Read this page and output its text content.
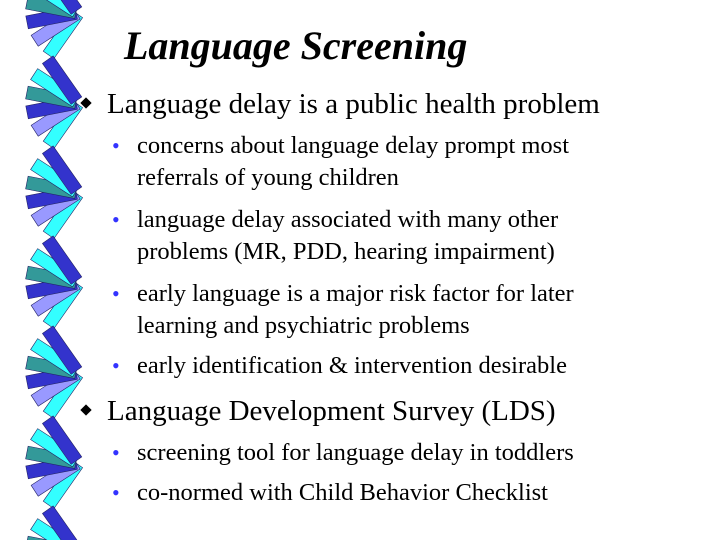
Language Screening
Language delay is a public health problem
• concerns about language delay prompt most
referrals of young children
• language delay associated with many other
problems (MR, PDD, hearing impairment)
• early language is a major risk factor for later
learning and psychiatric problems
• early identification & intervention desirable
Language Development Survey (LDS)
• screening tool for language delay in toddlers
• co-normed with Child Behavior Checklist
